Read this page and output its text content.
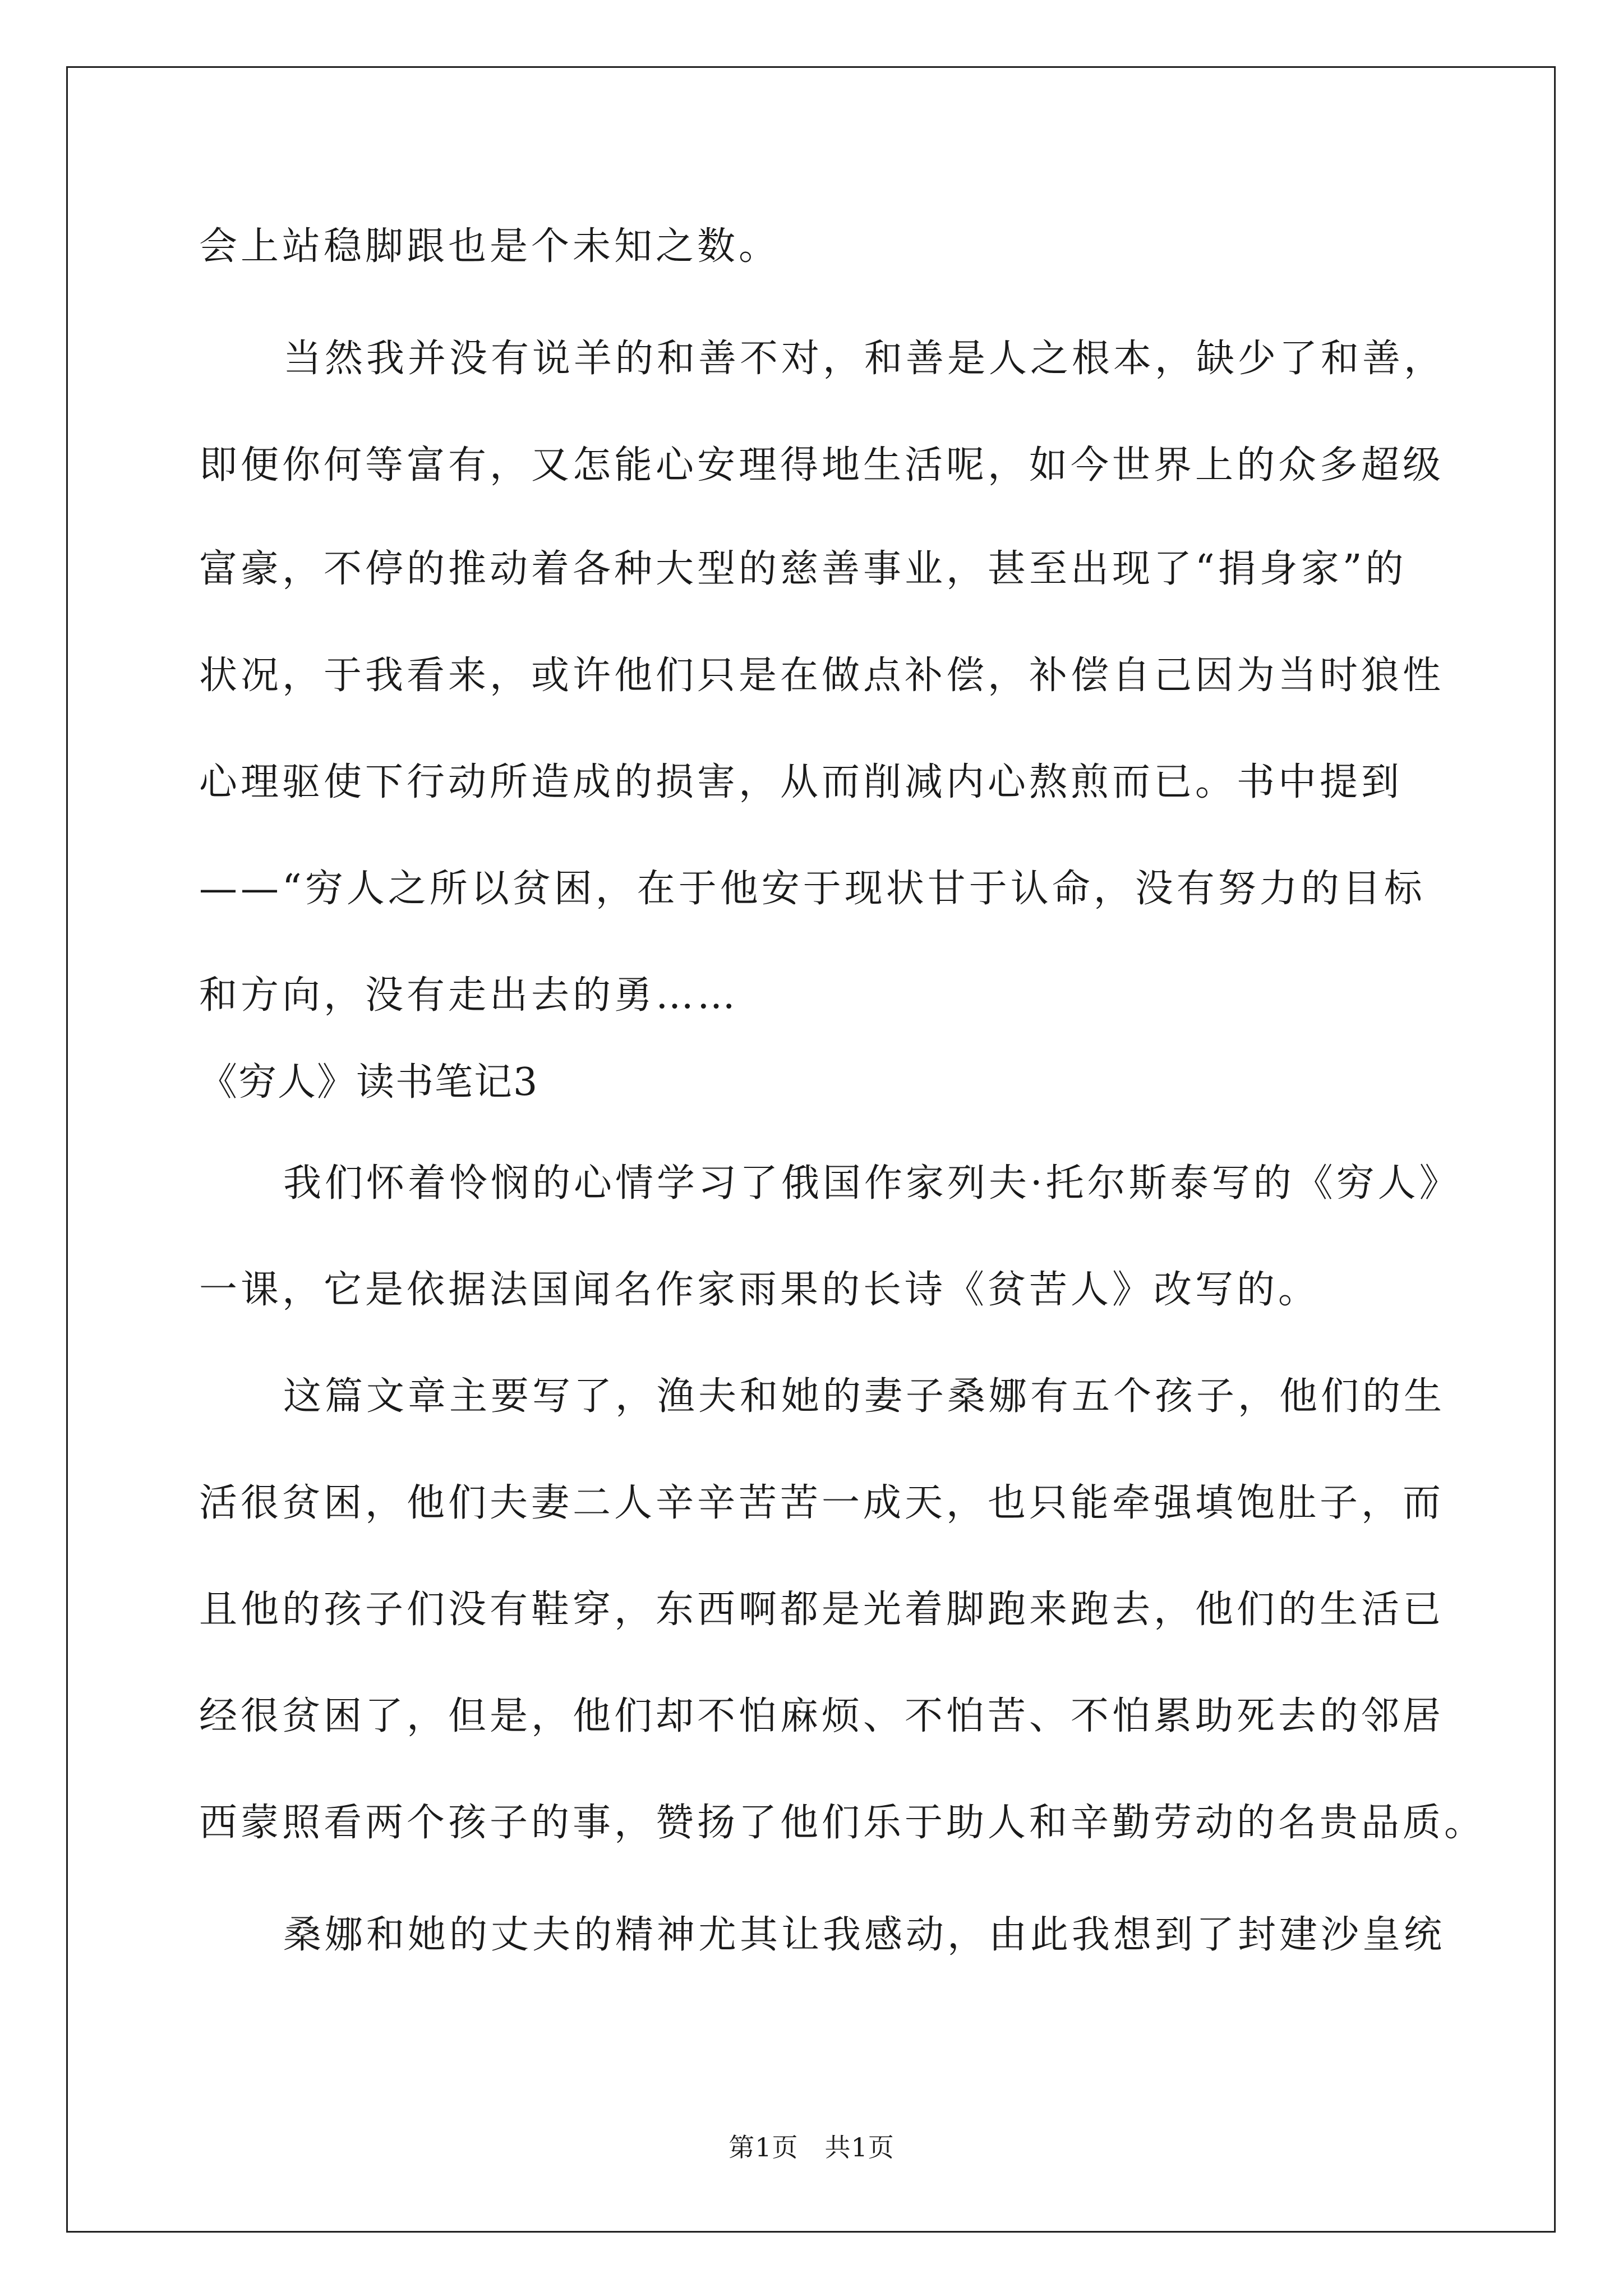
会上站稳脚跟也是个未知之数。
当然我并没有说羊的和善不对，和善是人之根本，缺少了和善，
即便你何等富有，又怎能心安理得地生活呢，如今世界上的众多超级
富豪，不停的推动着各种大型的慈善事业，甚至出现了“捐身家”的
状况，于我看来，或许他们只是在做点补偿，补偿自己因为当时狼性
心理驱使下行动所造成的损害，从而削减内心熬煎而已。书中提到
——“穷人之所以贫困，在于他安于现状甘于认命，没有努力的目标
和方向，没有走出去的勇……
《穷人》读书笔记3
我们怀着怜悯的心情学习了俄国作家列夫·托尔斯泰写的《穷人》
一课，它是依据法国闻名作家雨果的长诗《贫苦人》改写的。
这篇文章主要写了，渔夫和她的妻子桑娜有五个孩子，他们的生
活很贫困，他们夫妻二人辛辛苦苦一成天，也只能牵强填饱肚子，而
且他的孩子们没有鞋穿，东西啊都是光着脚跑来跑去，他们的生活已
经很贫困了，但是，他们却不怕麻烦、不怕苦、不怕累助死去的邻居
西蒙照看两个孩子的事，赞扬了他们乐于助人和辛勤劳动的名贵品质。
桑娜和她的丈夫的精神尤其让我感动，由此我想到了封建沙皇统
第1页　共1页
